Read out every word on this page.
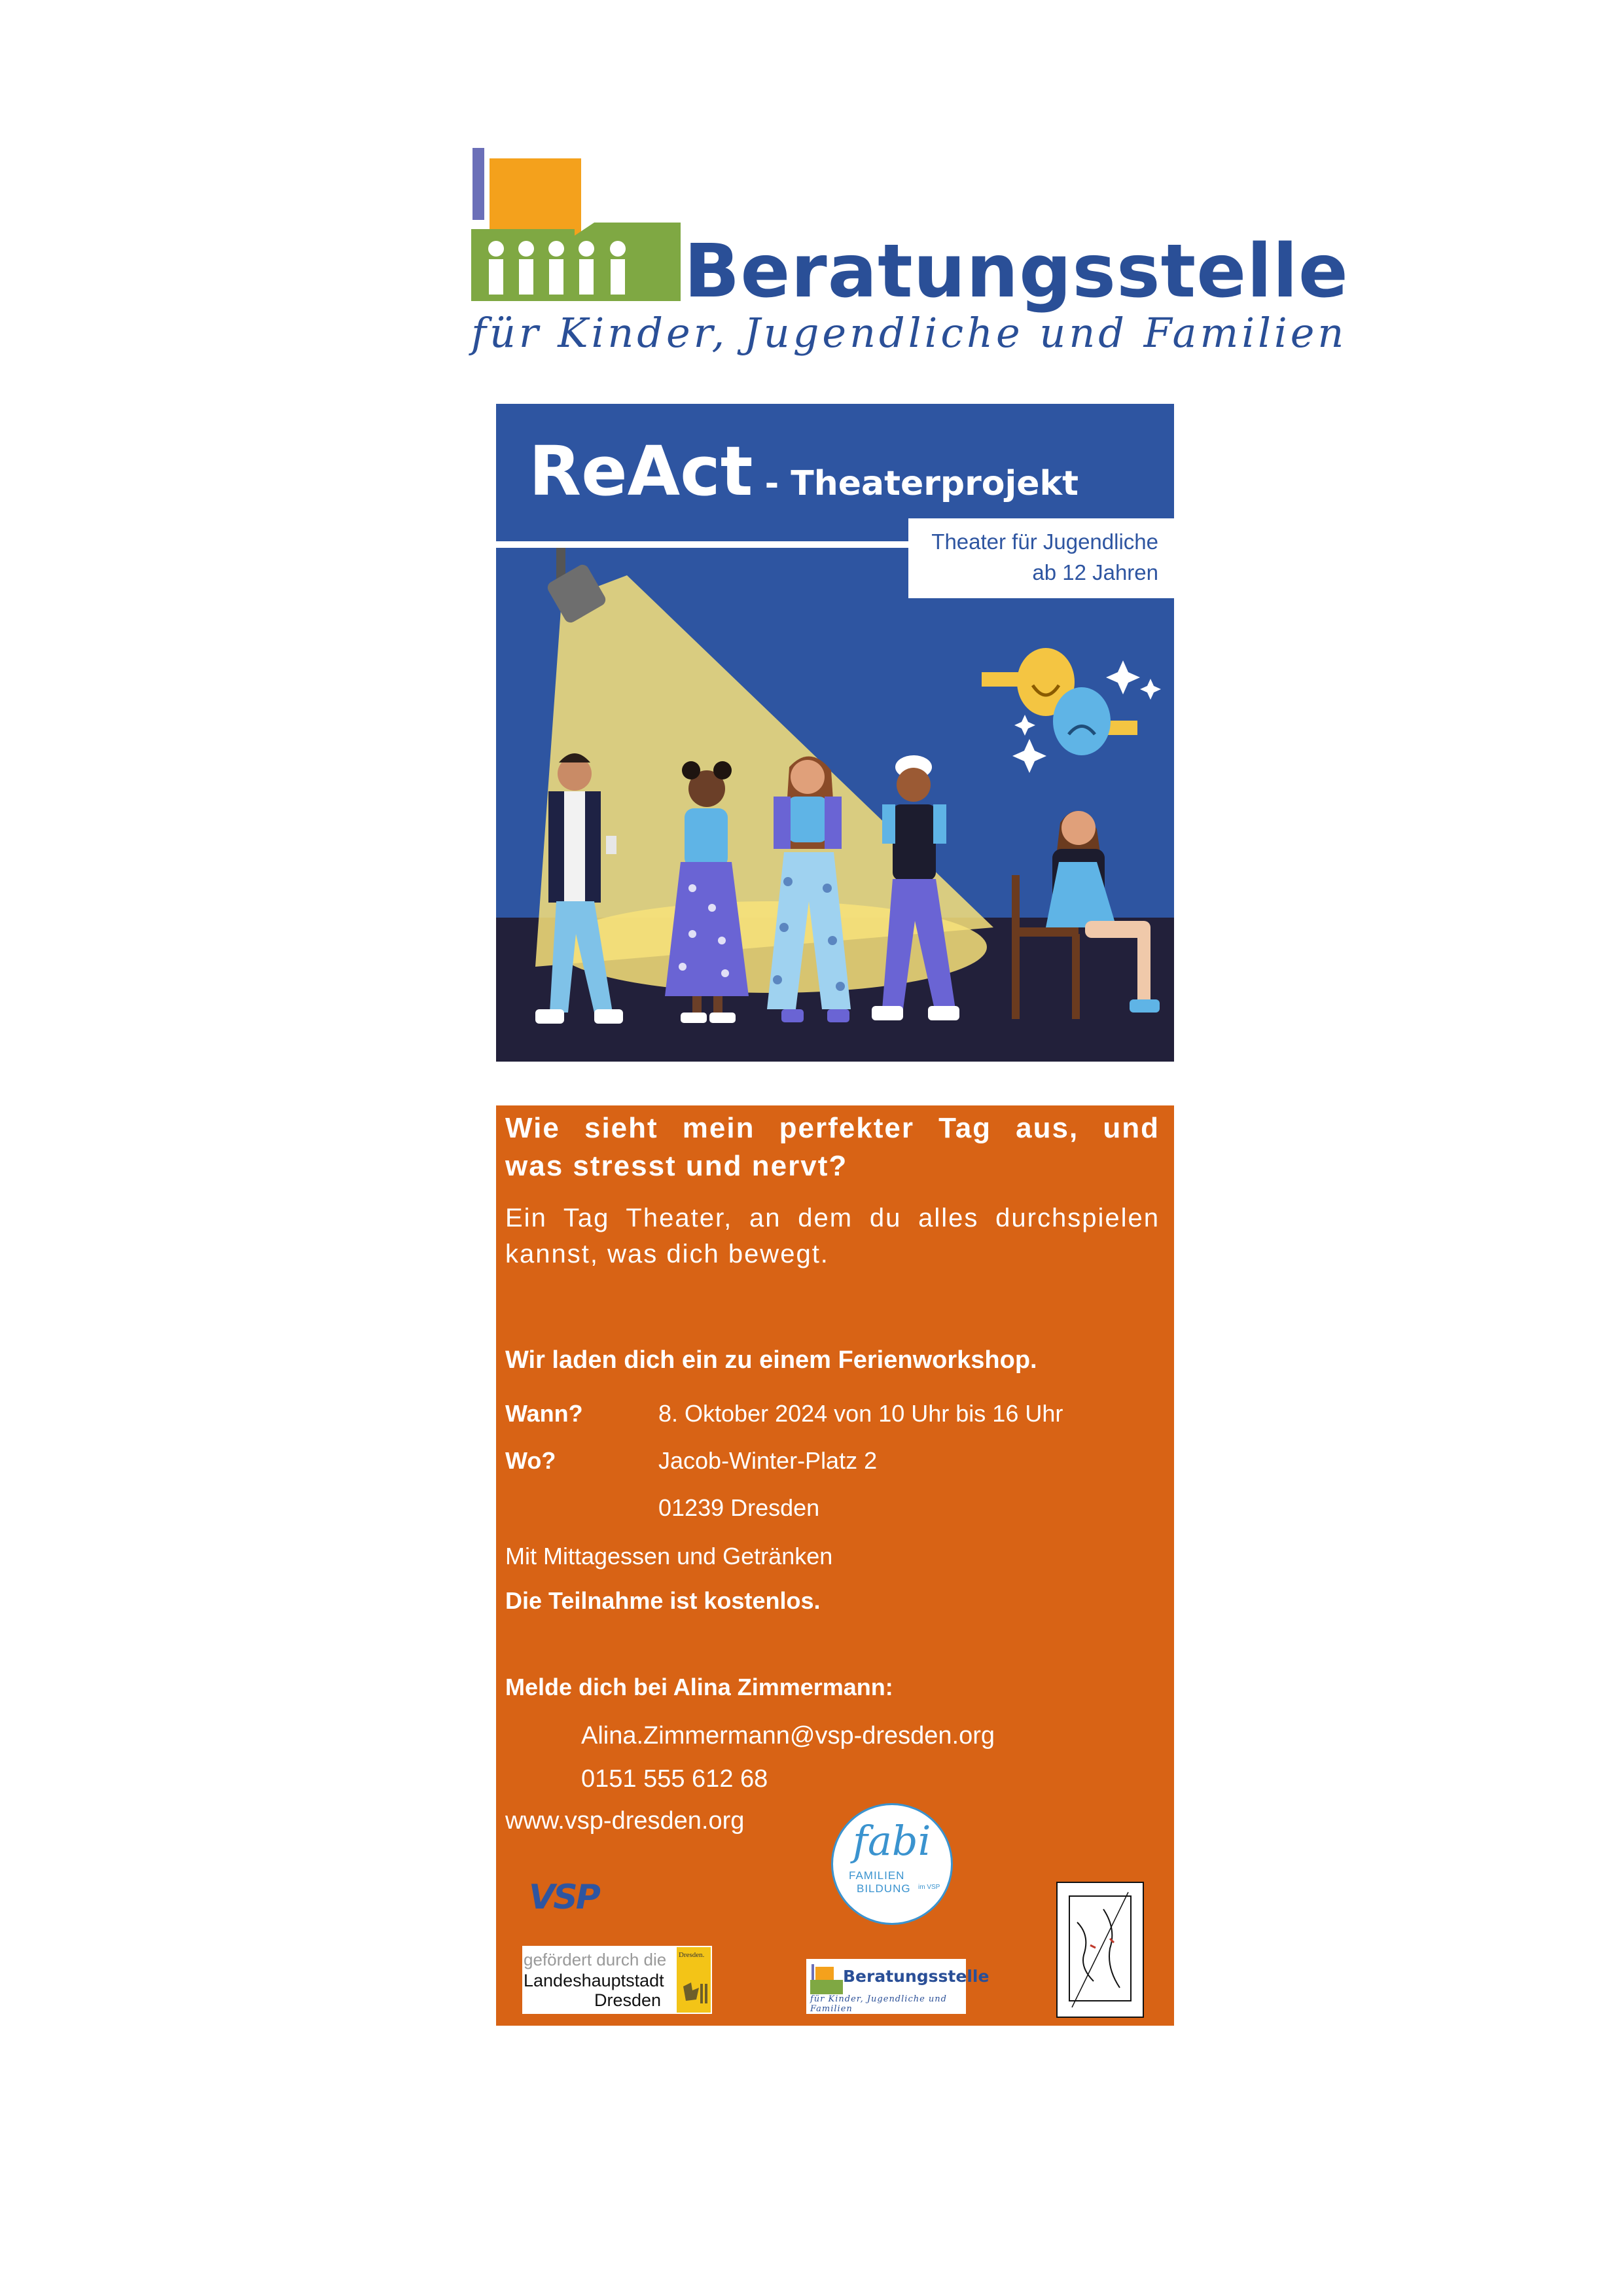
Beratungsstelle
für Kinder, Jugendliche und Familien
ReAct - Theaterprojekt
Theater für Jugendliche
ab 12 Jahren
Wie sieht mein perfekter Tag aus, und
was stresst und nervt?
Ein Tag Theater, an dem du alles durchspielen
kannst, was dich bewegt.
Wir laden dich ein zu einem Ferienworkshop.
Wann?	8. Oktober 2024 von 10 Uhr bis 16 Uhr
Wo?	Jacob-Winter-Platz 2
01239 Dresden
Mit Mittagessen und Getränken
Die Teilnahme ist kostenlos.
Melde dich bei Alina Zimmermann:
Alina.Zimmermann@vsp-dresden.org
0151 555 612 68
www.vsp-dresden.org	fabi
FAMILIEN
BILDUNG im VSP
VSP
gefördert durch die
Landeshauptstadt
Dresden
Dresden.
Beratungsstelle
für Kinder, Jugendliche und Familien
